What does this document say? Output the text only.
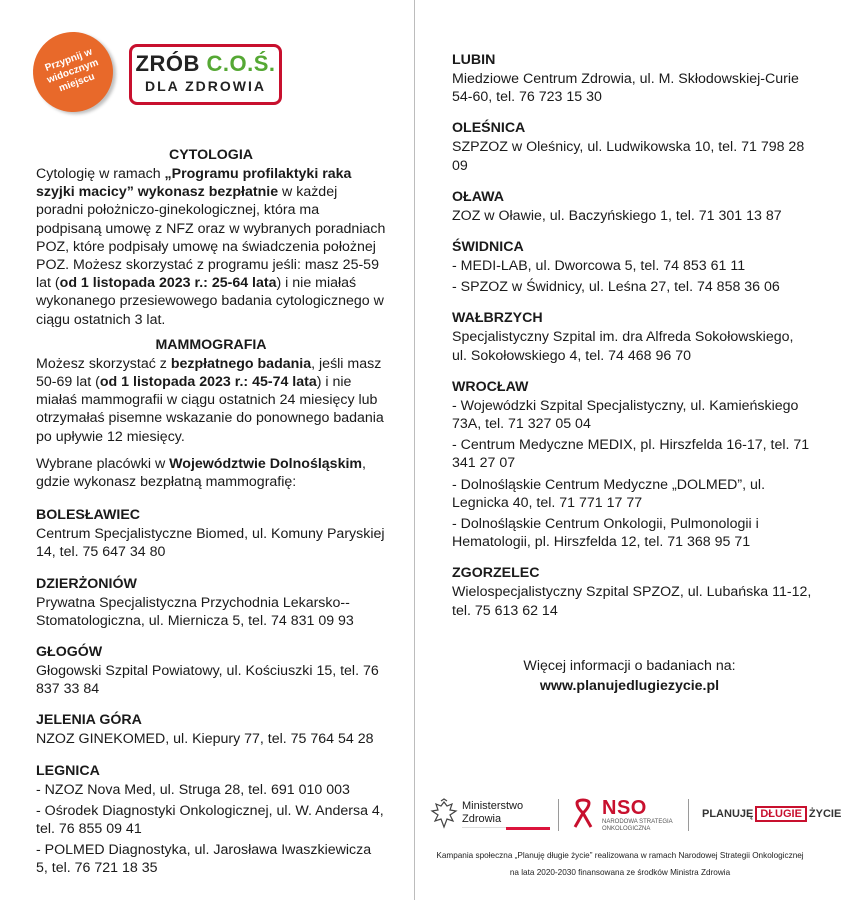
Przypnij w widocznym miejscu
ZRÓB C.O.Ś.
DLA ZDROWIA
CYTOLOGIA
Cytologię w ramach „Programu profilaktyki raka szyjki macicy” wykonasz bezpłatnie w każdej poradni położniczo-ginekologicznej, która ma podpisaną umowę z NFZ oraz w wybranych poradniach POZ, które podpisały umowę na świadczenia położnej POZ. Możesz skorzystać z programu jeśli: masz 25-59 lat (od 1 listopada 2023 r.: 25-64 lata) i nie miałaś wykonanego przesiewowego badania cytologicznego w ciągu ostatnich 3 lat.
MAMMOGRAFIA
Możesz skorzystać z bezpłatnego badania, jeśli masz 50-69 lat (od 1 listopada 2023 r.: 45-74 lata) i nie miałaś mammografii w ciągu ostatnich 24 miesięcy lub otrzymałaś pisemne wskazanie do ponownego badania po upływie 12 miesięcy.
Wybrane placówki w Województwie Dolnośląskim, gdzie wykonasz bezpłatną mammografię:
BOLESŁAWIEC
Centrum Specjalistyczne Biomed, ul. Komuny Paryskiej 14, tel. 75 647 34 80
DZIERŻONIÓW
Prywatna Specjalistyczna Przychodnia Lekarsko--Stomatologiczna, ul. Miernicza 5, tel. 74 831 09 93
GŁOGÓW
Głogowski Szpital Powiatowy, ul. Kościuszki 15, tel. 76 837 33 84
JELENIA GÓRA
NZOZ GINEKOMED, ul. Kiepury 77, tel. 75 764 54 28
LEGNICA
- NZOZ Nova Med, ul. Struga 28, tel. 691 010 003
- Ośrodek Diagnostyki Onkologicznej, ul. W. Andersa 4, tel. 76 855 09 41
- POLMED Diagnostyka, ul. Jarosława Iwaszkiewicza 5, tel. 76 721 18 35
LUBIN
Miedziowe Centrum Zdrowia, ul. M. Skłodowskiej-Curie 54-60, tel. 76 723 15 30
OLEŚNICA
SZPZOZ w Oleśnicy, ul. Ludwikowska 10, tel. 71 798 28 09
OŁAWA
ZOZ w Oławie, ul. Baczyńskiego 1, tel. 71 301 13 87
ŚWIDNICA
- MEDI-LAB, ul. Dworcowa 5, tel. 74 853 61 11
- SPZOZ w Świdnicy, ul. Leśna 27, tel. 74 858 36 06
WAŁBRZYCH
Specjalistyczny Szpital im. dra Alfreda Sokołowskiego, ul. Sokołowskiego 4, tel. 74 468 96 70
WROCŁAW
- Wojewódzki Szpital Specjalistyczny, ul. Kamieńskiego 73A, tel. 71 327 05 04
- Centrum Medyczne MEDIX, pl. Hirszfelda 16-17, tel. 71 341 27 07
- Dolnośląskie Centrum Medyczne „DOLMED”, ul. Legnicka 40, tel. 71 771 17 77
- Dolnośląskie Centrum Onkologii, Pulmonologii i Hematologii, pl. Hirszfelda 12, tel. 71 368 95 71
ZGORZELEC
Wielospecjalistyczny Szpital SPZOZ, ul. Lubańska 11-12, tel. 75 613 62 14
Więcej informacji o badaniach na:
www.planujedlugiezycie.pl
Ministerstwo
Zdrowia	NSO
NARODOWA STRATEGIA ONKOLOGICZNA
PLANUJĘ DŁUGIE ŻYCIE
Kampania społeczna „Planuję długie życie” realizowana w ramach Narodowej Strategii Onkologicznej
na lata 2020-2030 finansowana ze środków Ministra Zdrowia
